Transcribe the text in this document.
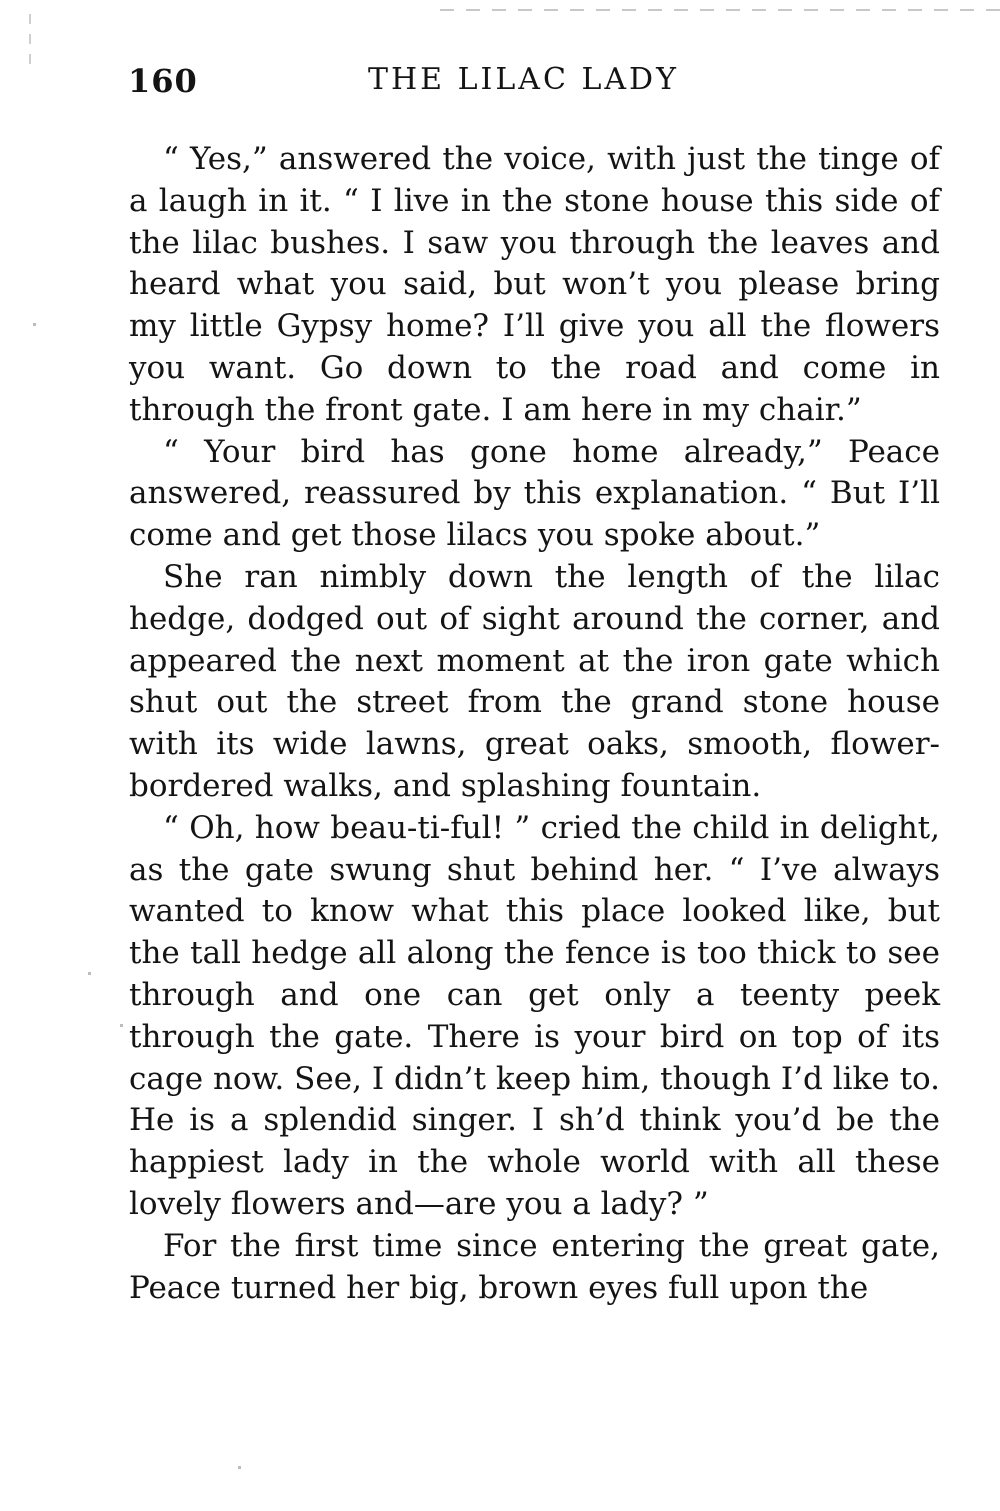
160	THE LILAC LADY

“ Yes,” answered the voice, with just the tinge of a laugh in it. “ I live in the stone house this side of the lilac bushes. I saw you through the leaves and heard what you said, but won’t you please bring my little Gypsy home? I’ll give you all the flowers you want. Go down to the road and come in through the front gate. I am here in my chair.”

“ Your bird has gone home already,” Peace answered, reassured by this explanation. “ But I’ll come and get those lilacs you spoke about.”

She ran nimbly down the length of the lilac hedge, dodged out of sight around the corner, and appeared the next moment at the iron gate which shut out the street from the grand stone house with its wide lawns, great oaks, smooth, flower-bordered walks, and splashing fountain.

“ Oh, how beau-ti-ful! ” cried the child in delight, as the gate swung shut behind her. “ I’ve always wanted to know what this place looked like, but the tall hedge all along the fence is too thick to see through and one can get only a teenty peek through the gate. There is your bird on top of its cage now. See, I didn’t keep him, though I’d like to. He is a splendid singer. I sh’d think you’d be the happiest lady in the whole world with all these lovely flowers and—are you a lady? ”

For the first time since entering the great gate, Peace turned her big, brown eyes full upon the
